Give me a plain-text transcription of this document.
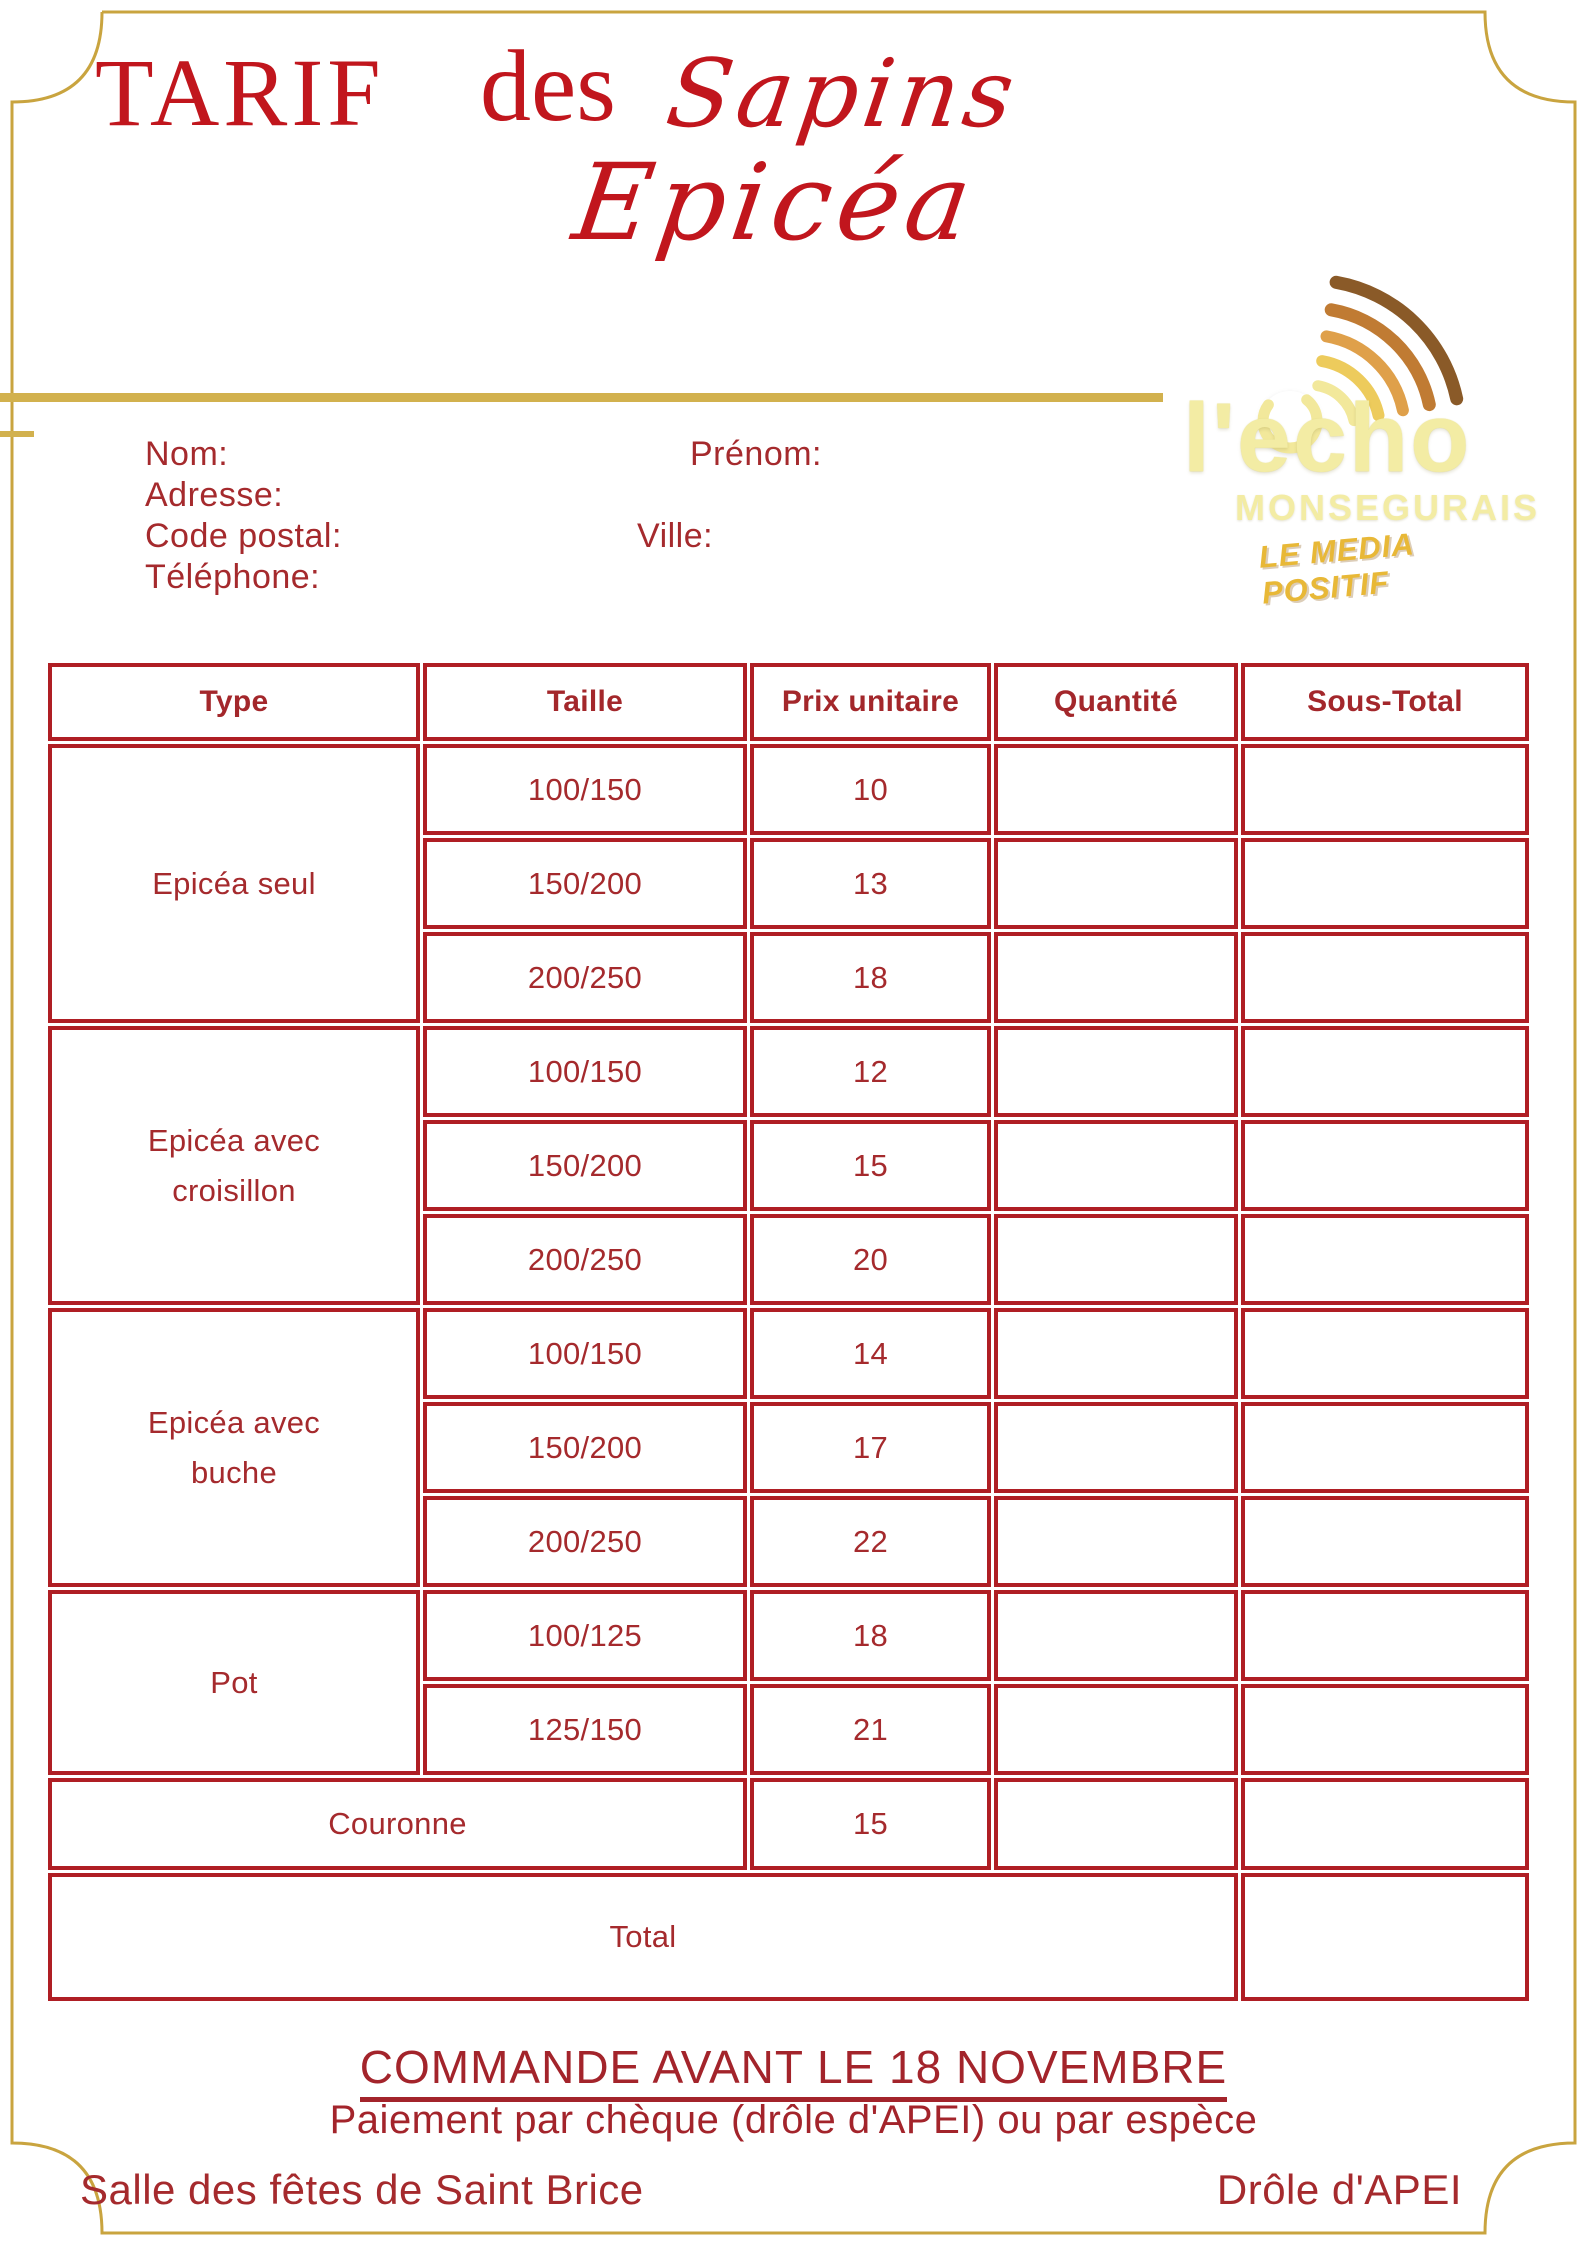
TARIF des Sapins
Epicéa
Nom:	Prénom:
Adresse:
Code postal:	Ville:
Téléphone:
l'echo
MONSEGURAIS
LE MEDIA POSITIF
Type	Taille	Prix unitaire	Quantité	Sous-Total
Epicéa seul
100/150	10
150/200	13
200/250	18
Epicéa avec croisillon
100/150	12
150/200	15
200/250	20
Epicéa avec buche
100/150	14
150/200	17
200/250	22
Pot
100/125	18
125/150	21
Couronne	15
Total
COMMANDE AVANT LE 18 NOVEMBRE
Paiement par chèque (drôle d'APEI) ou par espèce
Salle des fêtes de Saint Brice	Drôle d'APEI
